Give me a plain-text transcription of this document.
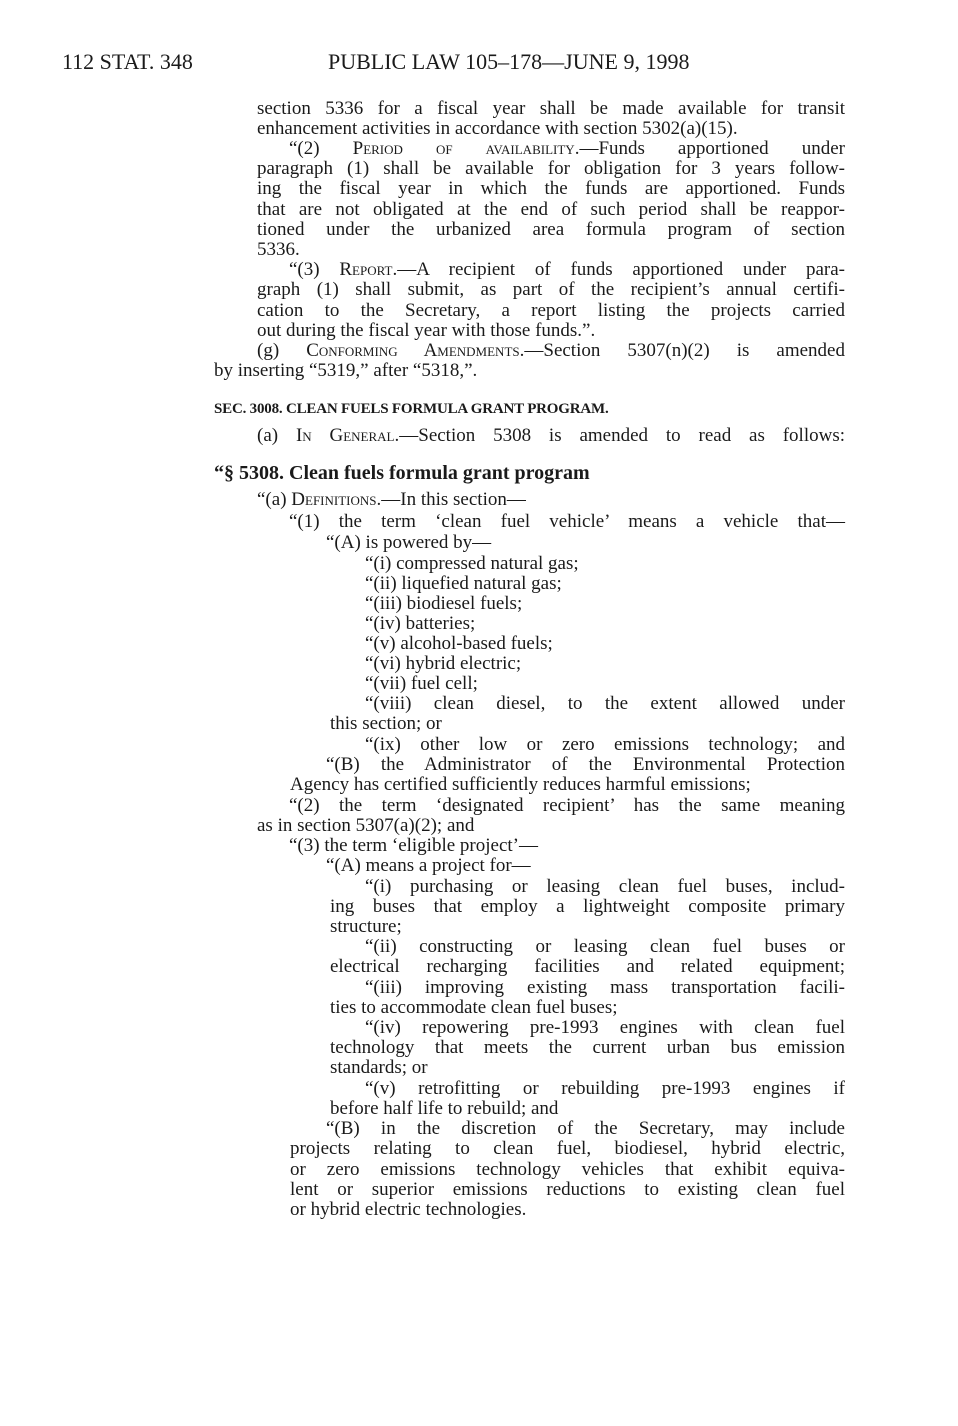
112 STAT. 348	PUBLIC LAW 105–178—JUNE 9, 1998

section 5336 for a fiscal year shall be made available for transit

enhancement activities in accordance with section 5302(a)(15).

“(2) Period of availability.—Funds apportioned under

paragraph (1) shall be available for obligation for 3 years follow-

ing the fiscal year in which the funds are apportioned. Funds

that are not obligated at the end of such period shall be reappor-

tioned under the urbanized area formula program of section

5336.

“(3) Report.—A recipient of funds apportioned under para-

graph (1) shall submit, as part of the recipient’s annual certifi-

cation to the Secretary, a report listing the projects carried

out during the fiscal year with those funds.”.

(g) Conforming Amendments.—Section 5307(n)(2) is amended

by inserting “5319,” after “5318,”.

SEC. 3008. CLEAN FUELS FORMULA GRANT PROGRAM.

(a) In General.—Section 5308 is amended to read as follows:

“§ 5308. Clean fuels formula grant program

“(a) Definitions.—In this section—

“(1) the term ‘clean fuel vehicle’ means a vehicle that—

“(A) is powered by—

“(i) compressed natural gas;

“(ii) liquefied natural gas;

“(iii) biodiesel fuels;

“(iv) batteries;

“(v) alcohol-based fuels;

“(vi) hybrid electric;

“(vii) fuel cell;

“(viii) clean diesel, to the extent allowed under

this section; or

“(ix) other low or zero emissions technology; and

“(B) the Administrator of the Environmental Protection

Agency has certified sufficiently reduces harmful emissions;

“(2) the term ‘designated recipient’ has the same meaning

as in section 5307(a)(2); and

“(3) the term ‘eligible project’—

“(A) means a project for—

“(i) purchasing or leasing clean fuel buses, includ-

ing buses that employ a lightweight composite primary

structure;

“(ii) constructing or leasing clean fuel buses or

electrical recharging facilities and related equipment;

“(iii) improving existing mass transportation facili-

ties to accommodate clean fuel buses;

“(iv) repowering pre-1993 engines with clean fuel

technology that meets the current urban bus emission

standards; or

“(v) retrofitting or rebuilding pre-1993 engines if

before half life to rebuild; and

“(B) in the discretion of the Secretary, may include

projects relating to clean fuel, biodiesel, hybrid electric,

or zero emissions technology vehicles that exhibit equiva-

lent or superior emissions reductions to existing clean fuel

or hybrid electric technologies.
